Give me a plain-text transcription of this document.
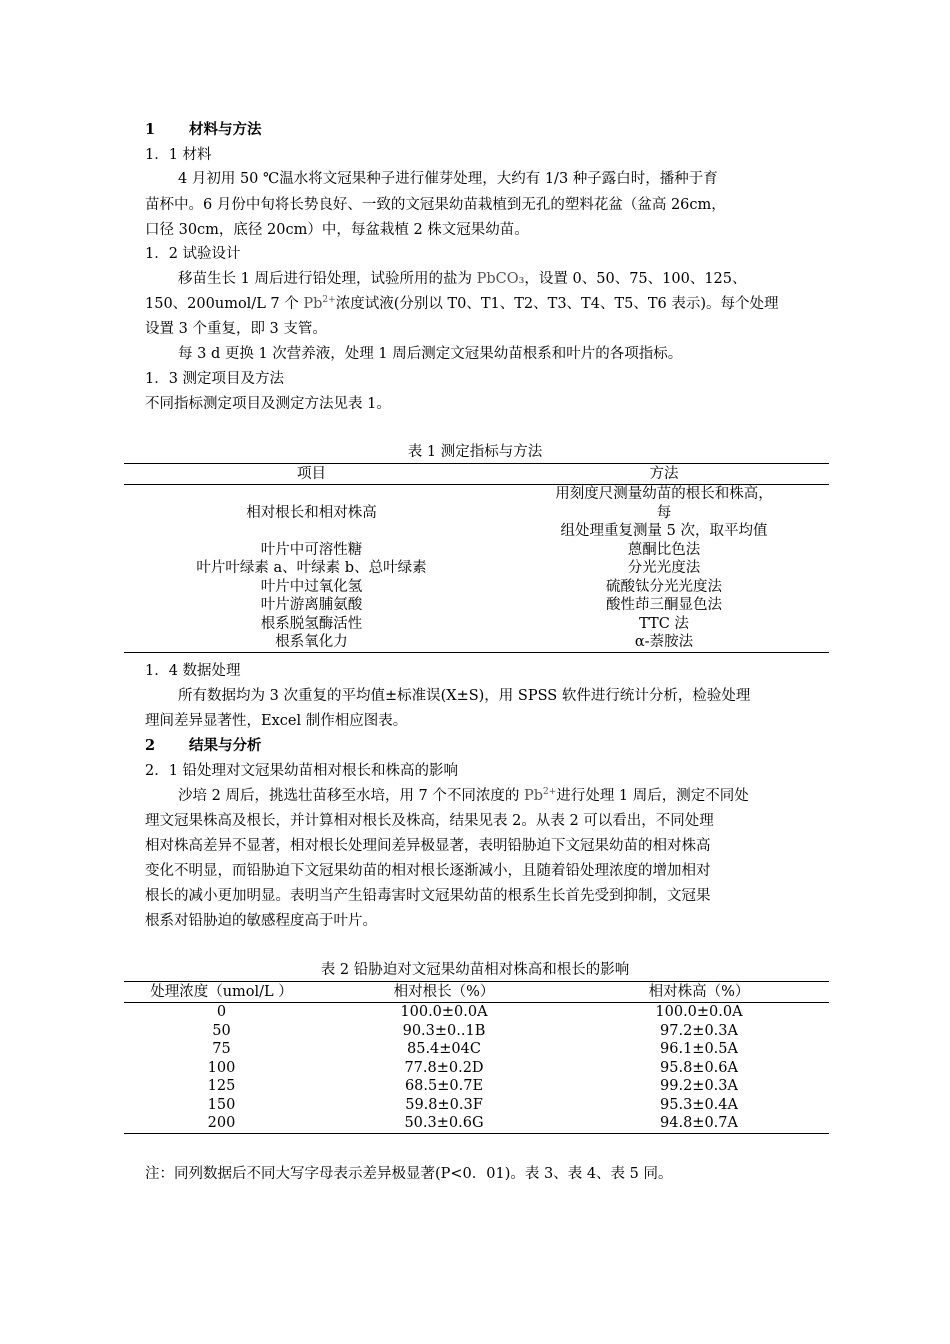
1 材料与方法
1．1 材料
4 月初用 50 ℃温水将文冠果种子进行催芽处理，大约有 1/3 种子露白时，播种于育
苗杯中。6 月份中旬将长势良好、一致的文冠果幼苗栽植到无孔的塑料花盆（盆高 26cm，
口径 30cm，底径 20cm）中，每盆栽植 2 株文冠果幼苗。
1．2 试验设计
移苗生长 1 周后进行铅处理，试验所用的盐为 PbCO₃，设置 0、50、75、100、125、
150、200umol/L 7 个 $Pb^{2+}$浓度试液(分别以 T0、T1、T2、T3、T4、T5、T6 表示)。每个处理
设置 3 个重复，即 3 支管。
每 3 d 更换 1 次营养液，处理 1 周后测定文冠果幼苗根系和叶片的各项指标。
1．3 测定项目及方法
不同指标测定项目及测定方法见表 1。
表 1 测定指标与方法
项目	方法
相对根长和相对株高	用刻度尺测量幼苗的根长和株高，
每
组处理重复测量 5 次，取平均值

叶片中可溶性糖	蒽酮比色法
叶片叶绿素 a、叶绿素 b、总叶绿素	分光光度法
叶片中过氧化氢	硫酸钛分光光度法
叶片游离脯氨酸	酸性茚三酮显色法
根系脱氢酶活性	TTC 法
根系氧化力	α-萘胺法
1．4 数据处理
所有数据均为 3 次重复的平均值±标准误(X±S)，用 SPSS 软件进行统计分析，检验处理
理间差异显著性，Excel 制作相应图表。
2 结果与分析
2．1 铅处理对文冠果幼苗相对根长和株高的影响
沙培 2 周后，挑选壮苗移至水培，用 7 个不同浓度的 $Pb^{2+}$进行处理 1 周后，测定不同处
理文冠果株高及根长，并计算相对根长及株高，结果见表 2。从表 2 可以看出，不同处理
相对株高差异不显著，相对根长处理间差异极显著，表明铅胁迫下文冠果幼苗的相对株高
变化不明显，而铅胁迫下文冠果幼苗的相对根长逐渐减小，且随着铅处理浓度的增加相对
根长的减小更加明显。表明当产生铅毒害时文冠果幼苗的根系生长首先受到抑制，文冠果
根系对铅胁迫的敏感程度高于叶片。
表 2 铅胁迫对文冠果幼苗相对株高和根长的影响
处理浓度（umol/L ）	相对根长（%）	相对株高（%）
0	100.0±0.0A	100.0±0.0A
50	90.3±0..1B	97.2±0.3A
75	85.4±04C	96.1±0.5A
100	77.8±0.2D	95.8±0.6A
125	68.5±0.7E	99.2±0.3A
150	59.8±0.3F	95.3±0.4A
200	50.3±0.6G	94.8±0.7A
注：同列数据后不同大写字母表示差异极显著(P<0．01)。表 3、表 4、表 5 同。
